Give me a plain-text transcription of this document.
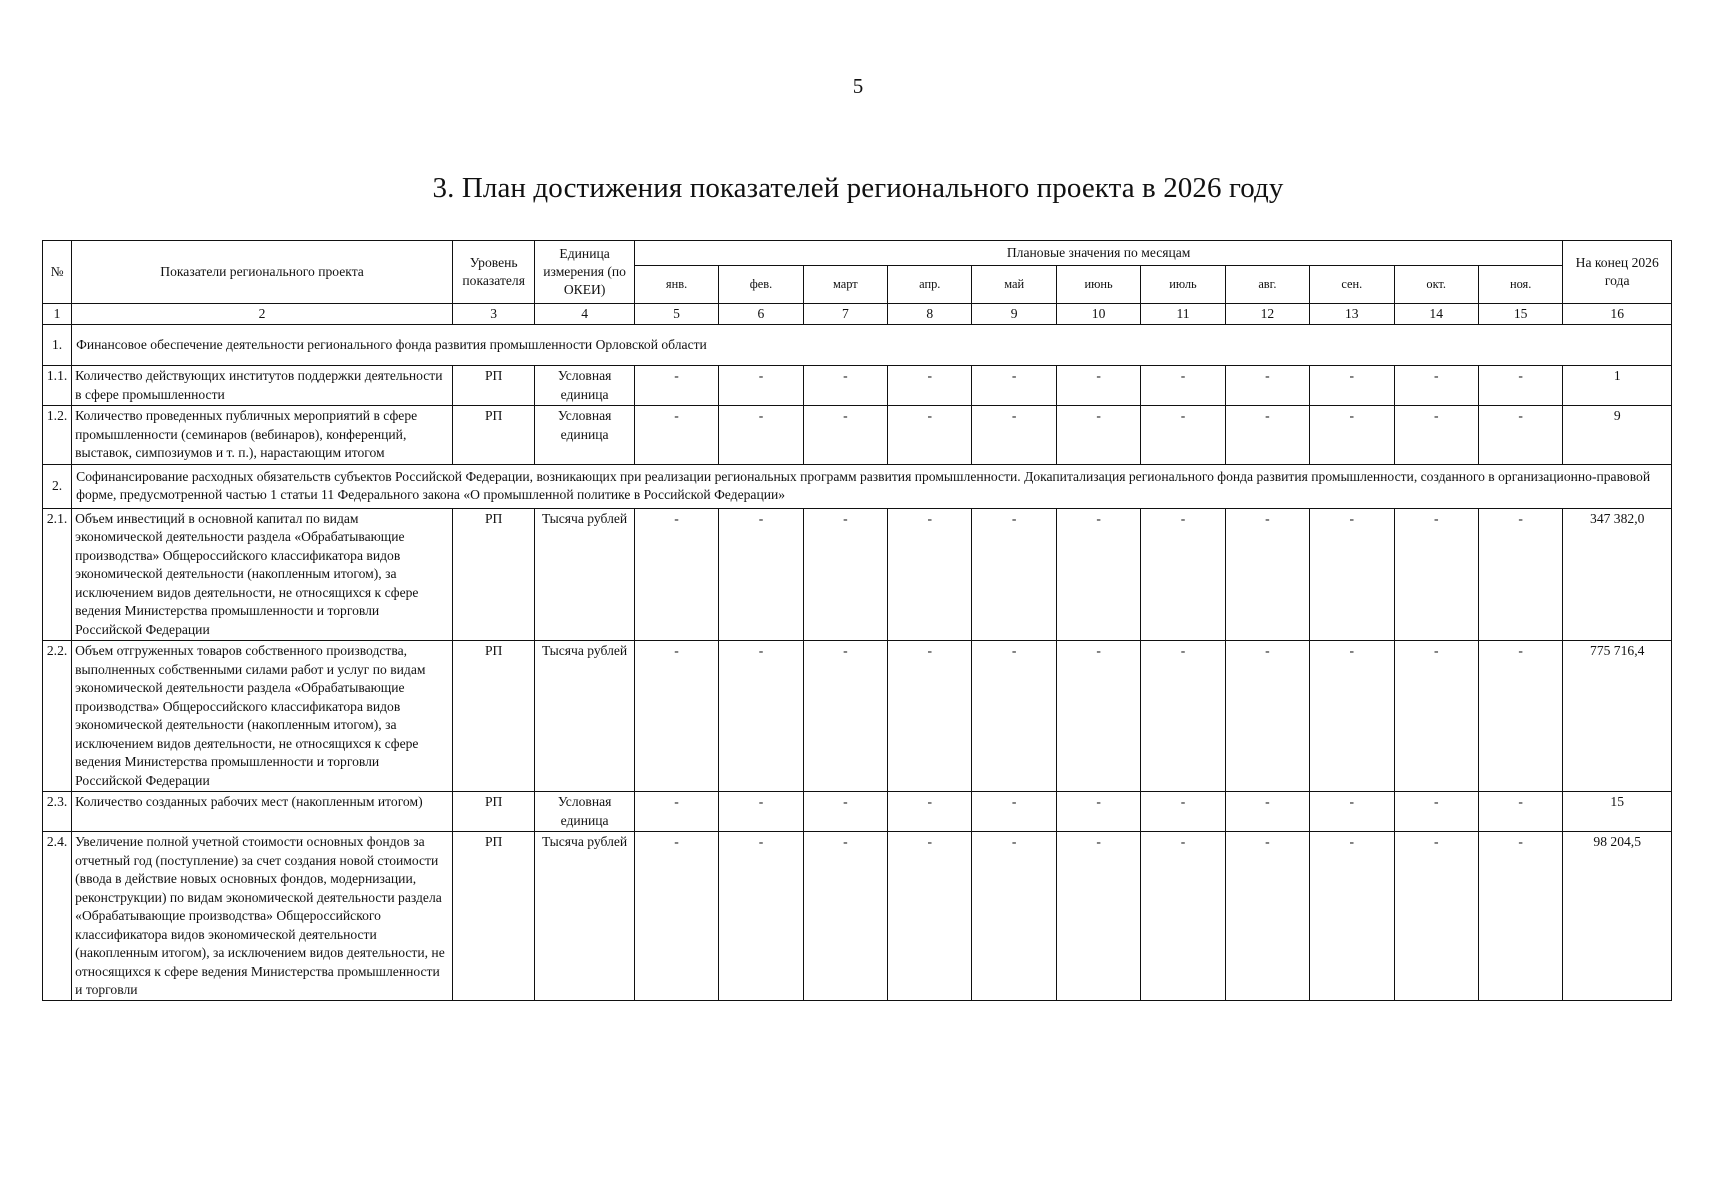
5
3. План достижения показателей регионального проекта в 2026 году
№	Показатели регионального проекта	Уровень показателя	Единица измерения (по ОКЕИ)	Плановые значения по месяцам											На конец 2026 года
				янв.	фев.	март	апр.	май	июнь	июль	авг.	сен.	окт.	ноя.	
1	2	3	4	5	6	7	8	9	10	11	12	13	14	15	16
1.	Финансовое обеспечение деятельности регионального фонда развития промышленности Орловской области														
1.1.	Количество действующих институтов поддержки деятельности в сфере промышленности	РП	Условная единица	-	-	-	-	-	-	-	-	-	-	-	1
1.2.	Количество проведенных публичных мероприятий в сфере промышленности (семинаров (вебинаров), конференций, выставок, симпозиумов и т. п.), нарастающим итогом	РП	Условная единица	-	-	-	-	-	-	-	-	-	-	-	9
2.	Софинансирование расходных обязательств субъектов Российской Федерации, возникающих при реализации региональных программ развития промышленности. Докапитализация регионального фонда развития промышленности, созданного в организационно-правовой форме, предусмотренной частью 1 статьи 11 Федерального закона «О промышленной политике в Российской Федерации»														
2.1.	Объем инвестиций в основной капитал по видам экономической деятельности раздела «Обрабатывающие производства» Общероссийского классификатора видов экономической деятельности (накопленным итогом), за исключением видов деятельности, не относящихся к сфере ведения Министерства промышленности и торговли Российской Федерации	РП	Тысяча рублей	-	-	-	-	-	-	-	-	-	-	-	347 382,0
2.2.	Объем отгруженных товаров собственного производства, выполненных собственными силами работ и услуг по видам экономической деятельности раздела «Обрабатывающие производства» Общероссийского классификатора видов экономической деятельности (накопленным итогом), за исключением видов деятельности, не относящихся к сфере ведения Министерства промышленности и торговли Российской Федерации	РП	Тысяча рублей	-	-	-	-	-	-	-	-	-	-	-	775 716,4
2.3.	Количество созданных рабочих мест (накопленным итогом)	РП	Условная единица	-	-	-	-	-	-	-	-	-	-	-	15
2.4.	Увеличение полной учетной стоимости основных фондов за отчетный год (поступление) за счет создания новой стоимости (ввода в действие новых основных фондов, модернизации, реконструкции) по видам экономической деятельности раздела «Обрабатывающие производства» Общероссийского классификатора видов экономической деятельности (накопленным итогом), за исключением видов деятельности, не относящихся к сфере ведения Министерства промышленности и торговли	РП	Тысяча рублей	-	-	-	-	-	-	-	-	-	-	-	98 204,5
